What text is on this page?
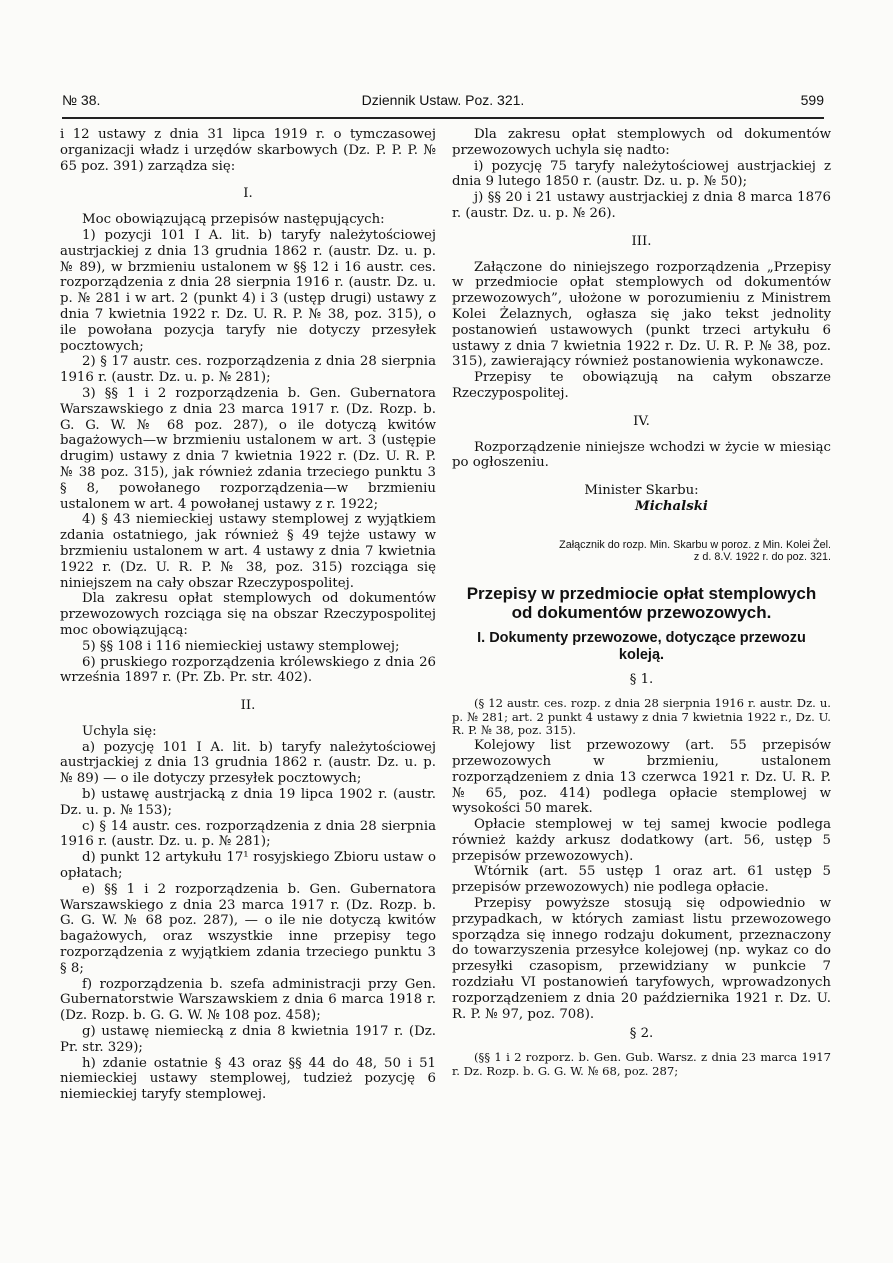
№ 38.	Dziennik Ustaw. Poz. 321.	599

i 12 ustawy z dnia 31 lipca 1919 r. o tymczasowej organizacji władz i urzędów skarbowych (Dz. P. P. P. № 65 poz. 391) zarządza się:

I.

Moc obowiązującą przepisów następujących:

1) pozycji 101 I A. lit. b) taryfy należytościowej austrjackiej z dnia 13 grudnia 1862 r. (austr. Dz. u. p. № 89), w brzmieniu ustalonem w §§ 12 i 16 austr. ces. rozporządzenia z dnia 28 sierpnia 1916 r. (austr. Dz. u. p. № 281 i w art. 2 (punkt 4) i 3 (ustęp drugi) ustawy z dnia 7 kwietnia 1922 r. Dz. U. R. P. № 38, poz. 315), o ile powołana pozycja taryfy nie dotyczy przesyłek pocztowych;

2) § 17 austr. ces. rozporządzenia z dnia 28 sierpnia 1916 r. (austr. Dz. u. p. № 281);

3) §§ 1 i 2 rozporządzenia b. Gen. Gubernatora Warszawskiego z dnia 23 marca 1917 r. (Dz. Rozp. b. G. G. W. № 68 poz. 287), o ile dotyczą kwitów bagażowych—w brzmieniu ustalonem w art. 3 (ustępie drugim) ustawy z dnia 7 kwietnia 1922 r. (Dz. U. R. P. № 38 poz. 315), jak również zdania trzeciego punktu 3 § 8, powołanego rozporządzenia—w brzmieniu ustalonem w art. 4 powołanej ustawy z r. 1922;

4) § 43 niemieckiej ustawy stemplowej z wyjątkiem zdania ostatniego, jak również § 49 tejże ustawy w brzmieniu ustalonem w art. 4 ustawy z dnia 7 kwietnia 1922 r. (Dz. U. R. P. № 38, poz. 315) rozciąga się niniejszem na cały obszar Rzeczypospolitej.

Dla zakresu opłat stemplowych od dokumentów przewozowych rozciąga się na obszar Rzeczypospolitej moc obowiązującą:

5) §§ 108 i 116 niemieckiej ustawy stemplowej;

6) pruskiego rozporządzenia królewskiego z dnia 26 września 1897 r. (Pr. Zb. Pr. str. 402).

II.

Uchyla się:

a) pozycję 101 I A. lit. b) taryfy należytościowej austrjackiej z dnia 13 grudnia 1862 r. (austr. Dz. u. p. № 89) — o ile dotyczy przesyłek pocztowych;

b) ustawę austrjacką z dnia 19 lipca 1902 r. (austr. Dz. u. p. № 153);

c) § 14 austr. ces. rozporządzenia z dnia 28 sierpnia 1916 r. (austr. Dz. u. p. № 281);

d) punkt 12 artykułu 17¹ rosyjskiego Zbioru ustaw o opłatach;

e) §§ 1 i 2 rozporządzenia b. Gen. Gubernatora Warszawskiego z dnia 23 marca 1917 r. (Dz. Rozp. b. G. G. W. № 68 poz. 287), — o ile nie dotyczą kwitów bagażowych, oraz wszystkie inne przepisy tego rozporządzenia z wyjątkiem zdania trzeciego punktu 3 § 8;

f) rozporządzenia b. szefa administracji przy Gen. Gubernatorstwie Warszawskiem z dnia 6 marca 1918 r. (Dz. Rozp. b. G. G. W. № 108 poz. 458);

g) ustawę niemiecką z dnia 8 kwietnia 1917 r. (Dz. Pr. str. 329);

h) zdanie ostatnie § 43 oraz §§ 44 do 48, 50 i 51 niemieckiej ustawy stemplowej, tudzież pozycję 6 niemieckiej taryfy stemplowej.

Dla zakresu opłat stemplowych od dokumentów przewozowych uchyla się nadto:

i) pozycję 75 taryfy należytościowej austrjackiej z dnia 9 lutego 1850 r. (austr. Dz. u. p. № 50);

j) §§ 20 i 21 ustawy austrjackiej z dnia 8 marca 1876 r. (austr. Dz. u. p. № 26).

III.

Załączone do niniejszego rozporządzenia „Przepisy w przedmiocie opłat stemplowych od dokumentów przewozowych”, ułożone w porozumieniu z Ministrem Kolei Żelaznych, ogłasza się jako tekst jednolity postanowień ustawowych (punkt trzeci artykułu 6 ustawy z dnia 7 kwietnia 1922 r. Dz. U. R. P. № 38, poz. 315), zawierający również postanowienia wykonawcze.

Przepisy te obowiązują na całym obszarze Rzeczypospolitej.

IV.

Rozporządzenie niniejsze wchodzi w życie w miesiąc po ogłoszeniu.

Minister Skarbu:

Michalski

Załącznik do rozp. Min. Skarbu w poroz. z Min. Kolei Żel.
z d. 8.V. 1922 r. do poz. 321.

Przepisy w przedmiocie opłat stemplowych
od dokumentów przewozowych.

I. Dokumenty przewozowe, dotyczące przewozu
koleją.

§ 1.

(§ 12 austr. ces. rozp. z dnia 28 sierpnia 1916 r. austr. Dz. u. p. № 281; art. 2 punkt 4 ustawy z dnia 7 kwietnia 1922 r., Dz. U. R. P. № 38, poz. 315).

Kolejowy list przewozowy (art. 55 przepisów przewozowych w brzmieniu, ustalonem rozporządzeniem z dnia 13 czerwca 1921 r. Dz. U. R. P. № 65, poz. 414) podlega opłacie stemplowej w wysokości 50 marek.

Opłacie stemplowej w tej samej kwocie podlega również każdy arkusz dodatkowy (art. 56, ustęp 5 przepisów przewozowych).

Wtórnik (art. 55 ustęp 1 oraz art. 61 ustęp 5 przepisów przewozowych) nie podlega opłacie.

Przepisy powyższe stosują się odpowiednio w przypadkach, w których zamiast listu przewozowego sporządza się innego rodzaju dokument, przeznaczony do towarzyszenia przesyłce kolejowej (np. wykaz co do przesyłki czasopism, przewidziany w punkcie 7 rozdziału VI postanowień taryfowych, wprowadzonych rozporządzeniem z dnia 20 października 1921 r. Dz. U. R. P. № 97, poz. 708).

§ 2.

(§§ 1 i 2 rozporz. b. Gen. Gub. Warsz. z dnia 23 marca 1917 r. Dz. Rozp. b. G. G. W. № 68, poz. 287;
